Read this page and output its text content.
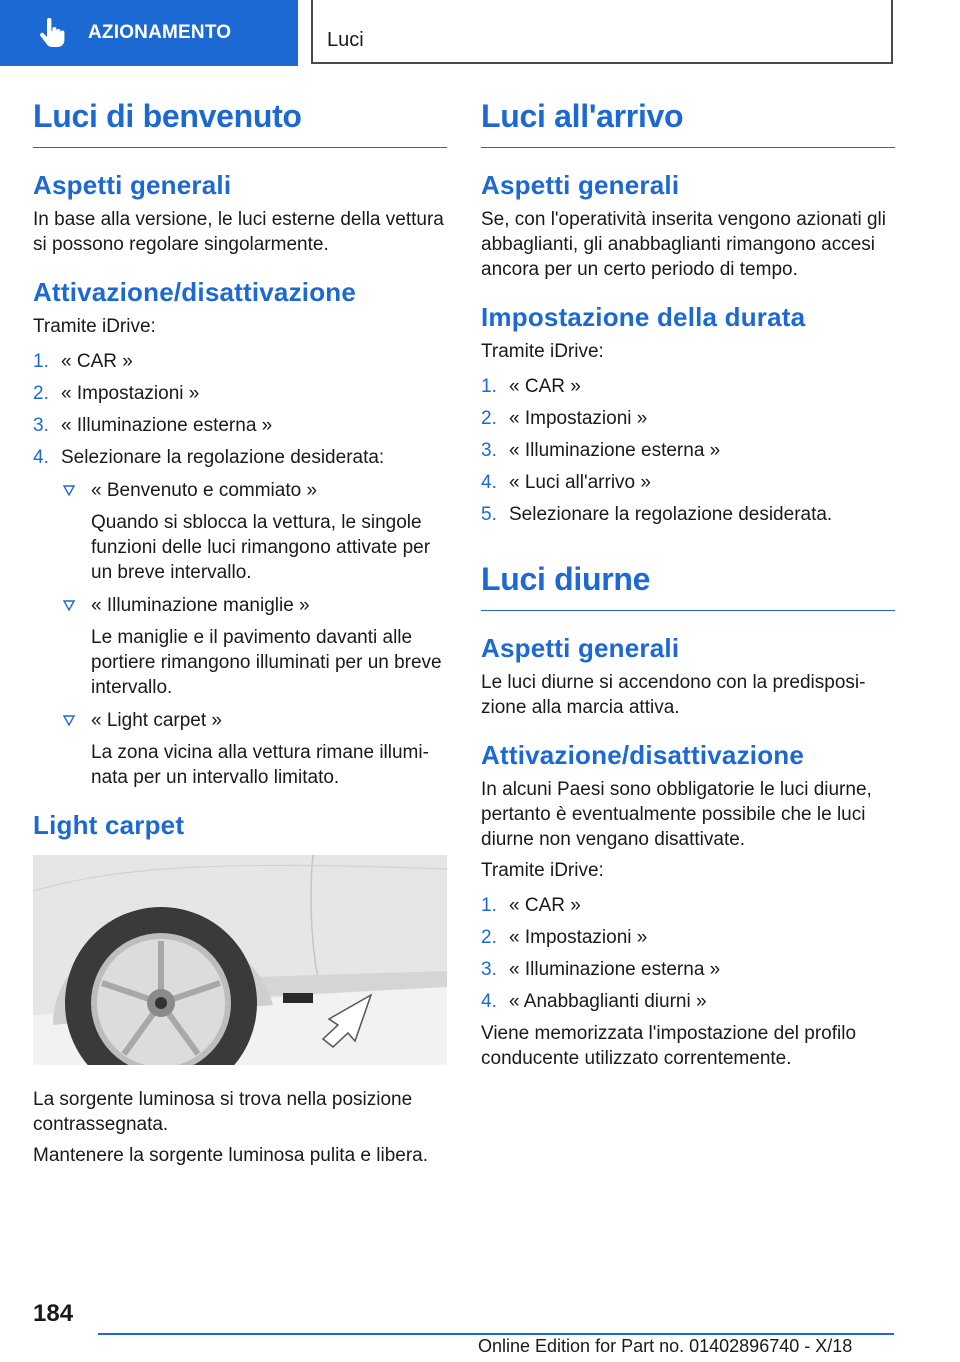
AZIONAMENTO	Luci
Luci di benvenuto
Aspetti generali

In base alla versione, le luci esterne della vettura si possono regolare singolarmente.

Attivazione/disattivazione

Tramite iDrive:

1. « CAR »
2. « Impostazioni »
3. « Illuminazione esterna »
4. Selezionare la regolazione desiderata:
« Benvenuto e commiato »
Quando si sblocca la vettura, le singole funzioni delle luci rimangono attivate per un breve intervallo.
« Illuminazione maniglie »
Le maniglie e il pavimento davanti alle portiere rimangono illuminati per un breve intervallo.
« Light carpet »
La zona vicina alla vettura rimane illumi‐nata per un intervallo limitato.
Light carpet

La sorgente luminosa si trova nella posizione contrassegnata.

Mantenere la sorgente luminosa pulita e libera.

Luci all'arrivo
Aspetti generali

Se, con l'operatività inserita vengono azionati gli abbaglianti, gli anabbaglianti rimangono accesi ancora per un certo periodo di tempo.

Impostazione della durata

Tramite iDrive:

1. « CAR »
2. « Impostazioni »
3. « Illuminazione esterna »
4. « Luci all'arrivo »
5. Selezionare la regolazione desiderata.
Luci diurne
Aspetti generali

Le luci diurne si accendono con la predisposi‐zione alla marcia attiva.

Attivazione/disattivazione

In alcuni Paesi sono obbligatorie le luci diurne, pertanto è eventualmente possibile che le luci diurne non vengano disattivate.

Tramite iDrive:

1. « CAR »
2. « Impostazioni »
3. « Illuminazione esterna »
4. « Anabbaglianti diurni »

Viene memorizzata l'impostazione del profilo conducente utilizzato correntemente.

184
Online Edition for Part no. 01402896740 - X/18
